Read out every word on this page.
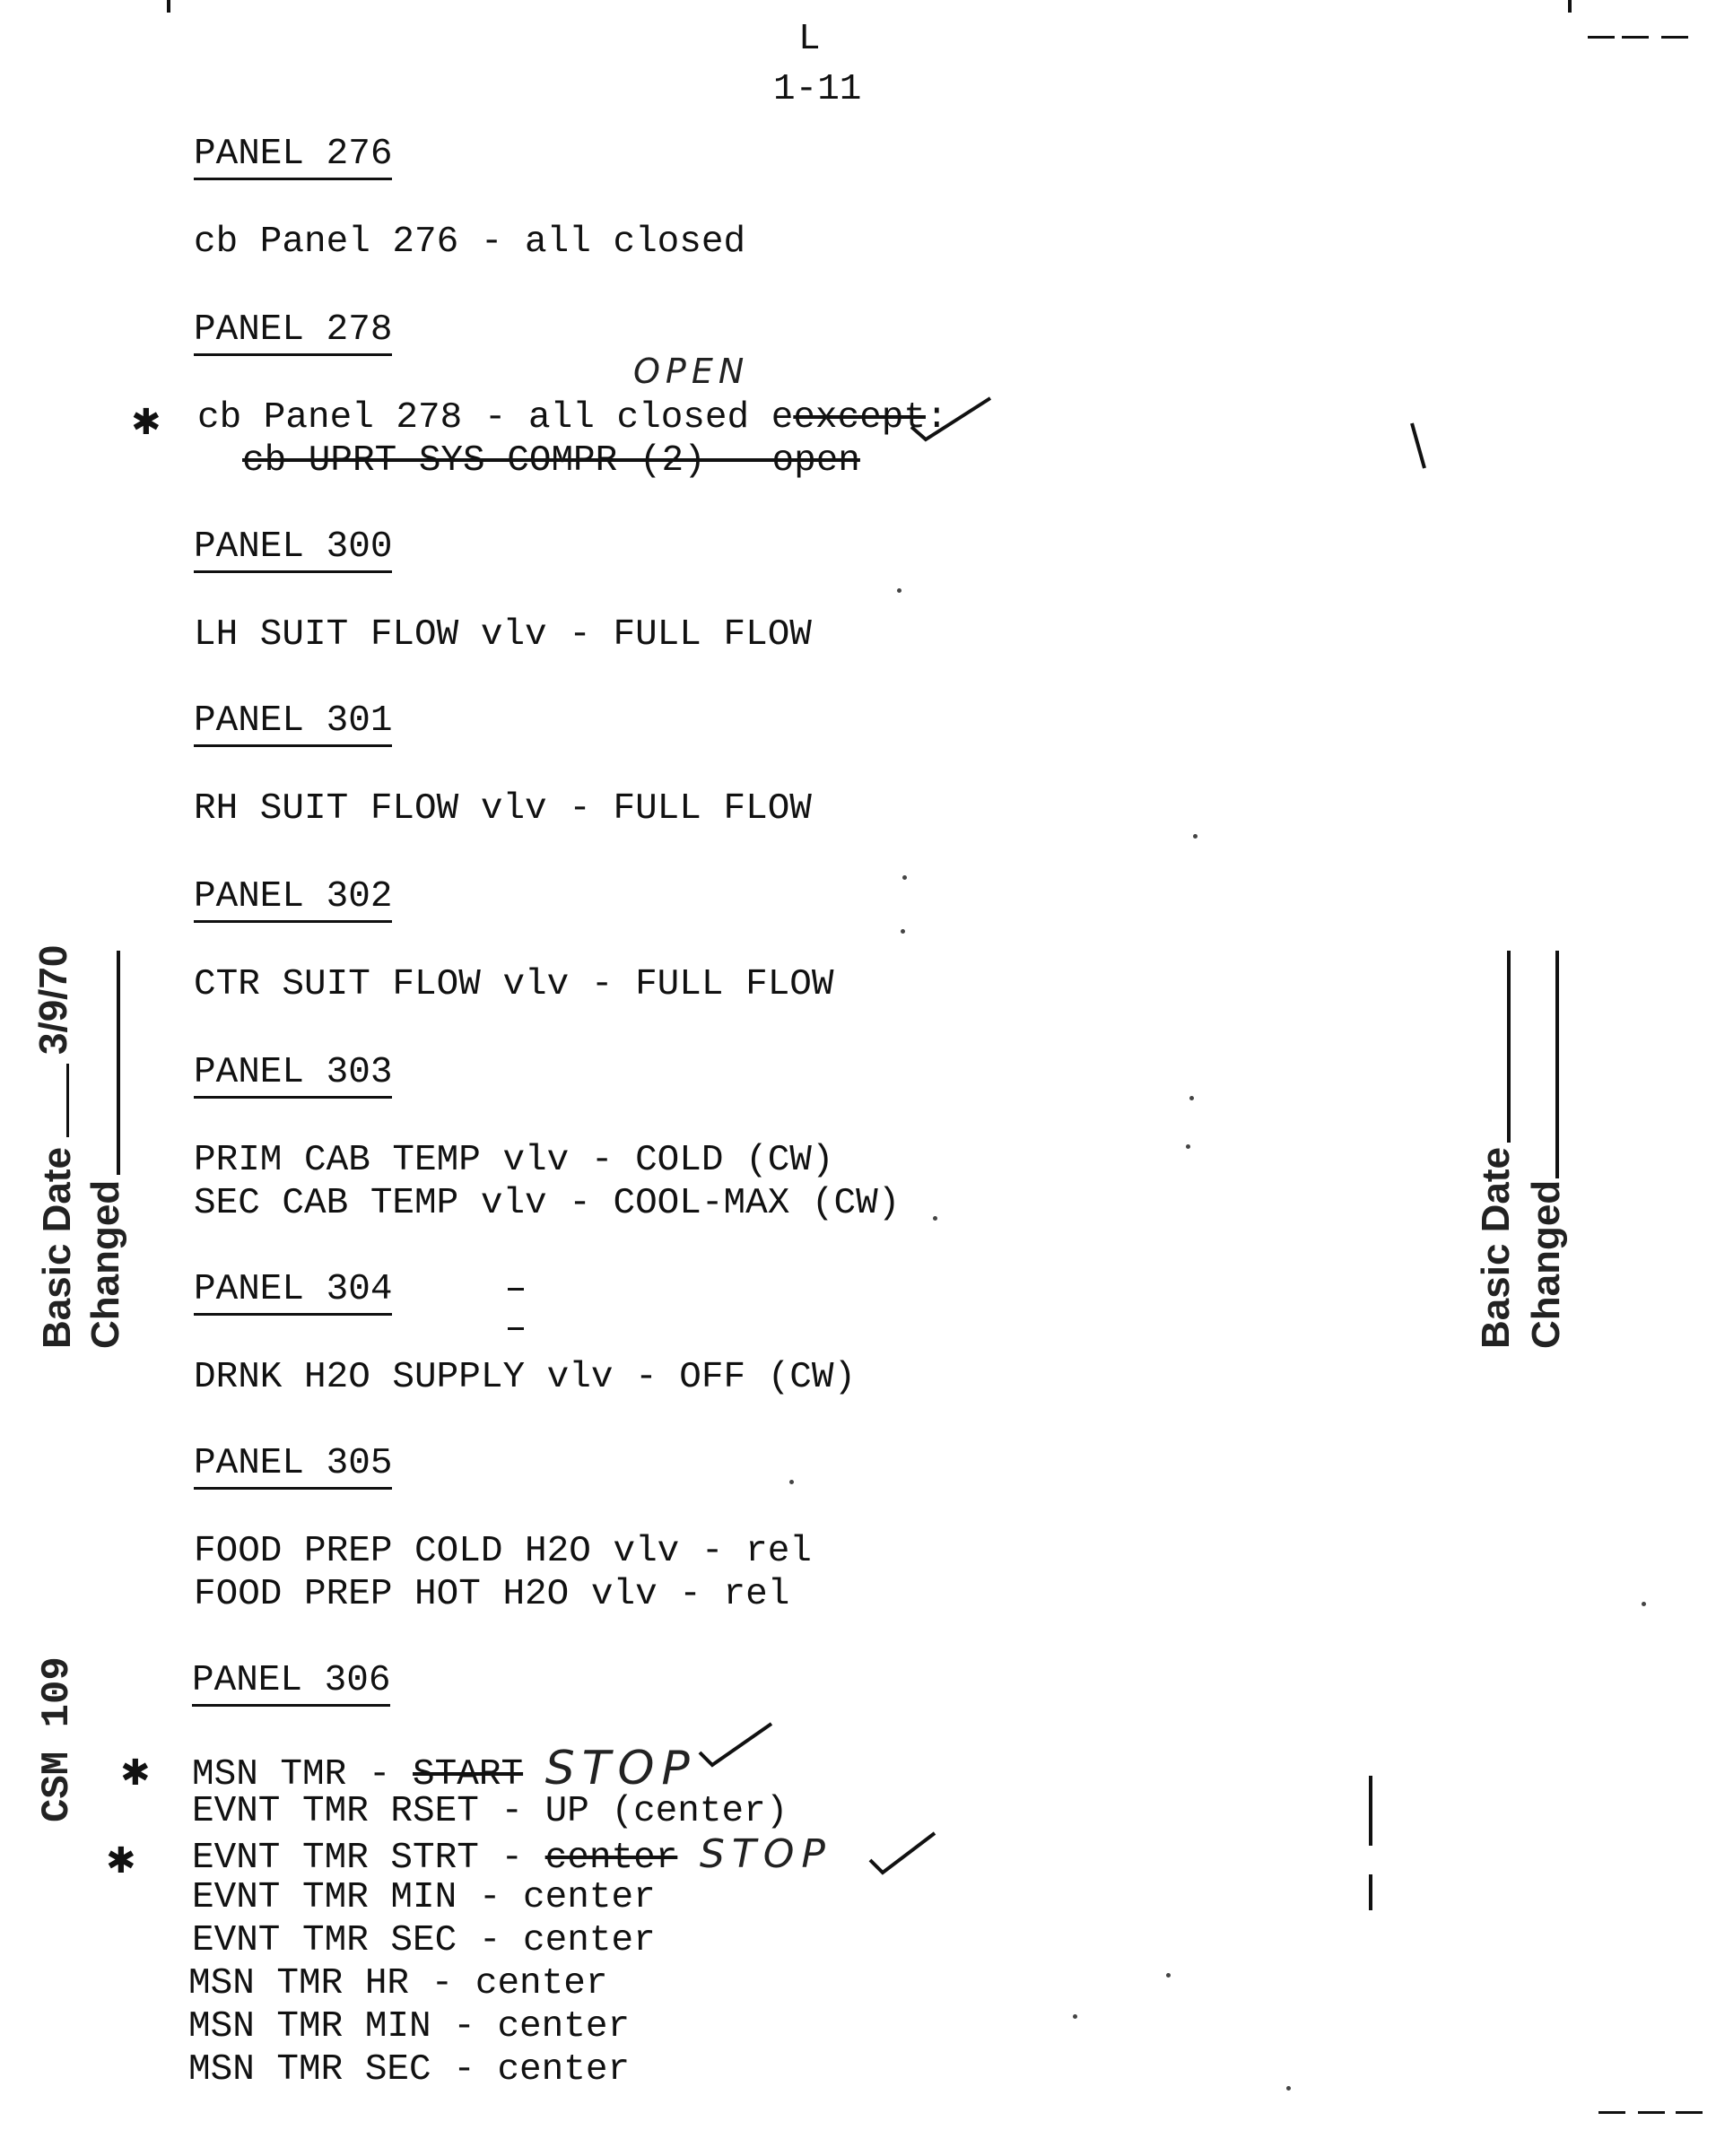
L
1-11
PANEL 276
cb Panel 276 - all closed
PANEL 278
OPEN
✱ cb Panel 278 - all closed eexcept:
cb UPRT SYS COMPR (2) - open
PANEL 300
LH SUIT FLOW vlv - FULL FLOW
PANEL 301
RH SUIT FLOW vlv - FULL FLOW
PANEL 302
CTR SUIT FLOW vlv - FULL FLOW
PANEL 303
PRIM CAB TEMP vlv - COLD (CW)
SEC CAB TEMP vlv - COOL-MAX (CW)
PANEL 304
DRNK H2O SUPPLY vlv - OFF (CW)
PANEL 305
FOOD PREP COLD H2O vlv - rel
FOOD PREP HOT H2O vlv - rel
PANEL 306
✱ MSN TMR - START STOP
EVNT TMR RSET - UP (center)
✱ EVNT TMR STRT - center STOP
EVNT TMR MIN - center
EVNT TMR SEC - center
MSN TMR HR - center
MSN TMR MIN - center
MSN TMR SEC - center
Basic Date Changed
3/9/70
CSM 109
Basic Date Changed
